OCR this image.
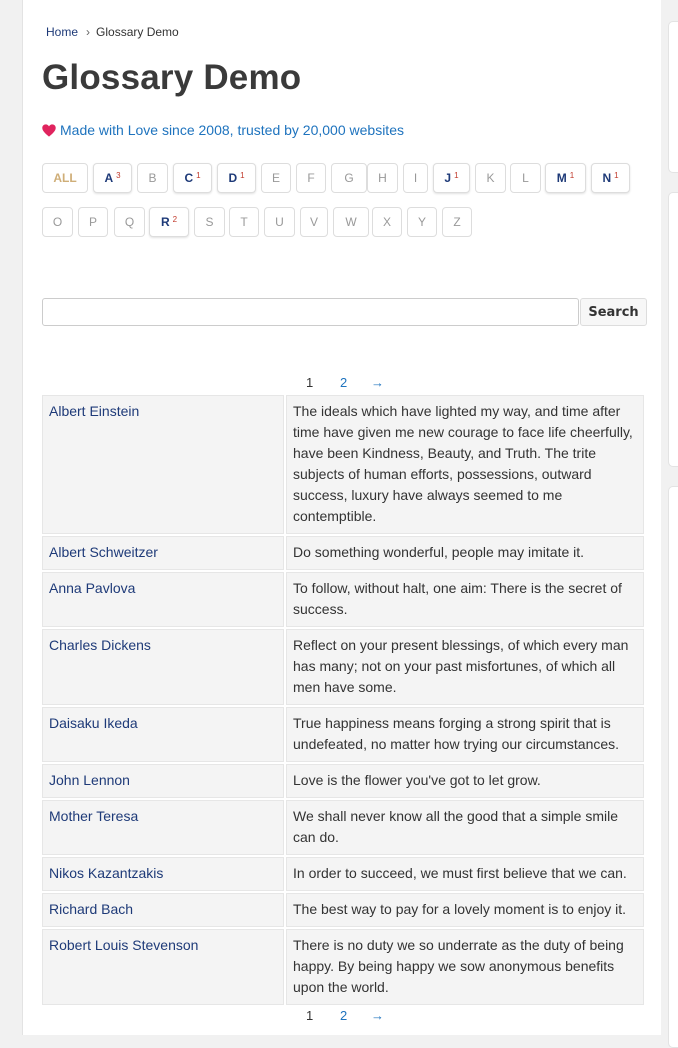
Home › Glossary Demo
Glossary Demo
Made with Love since 2008, trusted by 20,000 websites
ALL A $^3$ B C $^1$ D $^1$ E F G H I J $^1$ K L M $^1$ N $^1$
O P Q R $^2$ S T U V W X Y Z
Search
1 2 →
Albert Einstein	The ideals which have lighted my way, and time after time have given me new courage to face life cheerfully, have been Kindness, Beauty, and Truth. The trite subjects of human efforts, possessions, outward success, luxury have always seemed to me contemptible.
Albert Schweitzer	Do something wonderful, people may imitate it.
Anna Pavlova	To follow, without halt, one aim: There is the secret of success.
Charles Dickens	Reflect on your present blessings, of which every man has many; not on your past misfortunes, of which all men have some.
Daisaku Ikeda	True happiness means forging a strong spirit that is undefeated, no matter how trying our circumstances.
John Lennon	Love is the flower you've got to let grow.
Mother Teresa	We shall never know all the good that a simple smile can do.
Nikos Kazantzakis	In order to succeed, we must first believe that we can.
Richard Bach	The best way to pay for a lovely moment is to enjoy it.
Robert Louis Stevenson	There is no duty we so underrate as the duty of being happy. By being happy we sow anonymous benefits upon the world.
1 2 →
